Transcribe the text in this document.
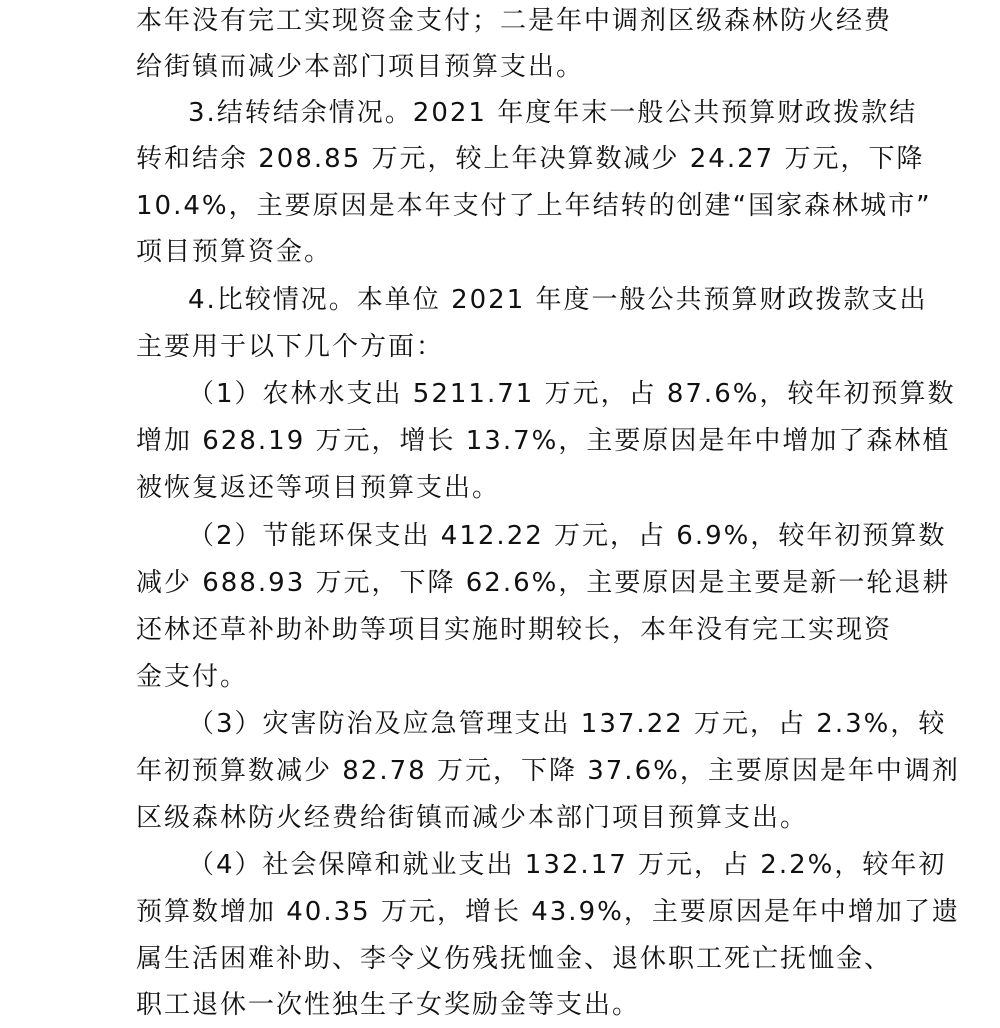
本年没有完工实现资金支付；二是年中调剂区级森林防火经费
给街镇而减少本部门项目预算支出。
3.结转结余情况。2021 年度年末一般公共预算财政拨款结
转和结余 208.85 万元，较上年决算数减少 24.27 万元，下降
10.4%，主要原因是本年支付了上年结转的创建“国家森林城市”
项目预算资金。
4.比较情况。本单位 2021 年度一般公共预算财政拨款支出
主要用于以下几个方面：
（1）农林水支出 5211.71 万元，占 87.6%，较年初预算数
增加 628.19 万元，增长 13.7%，主要原因是年中增加了森林植
被恢复返还等项目预算支出。
（2）节能环保支出 412.22 万元，占 6.9%，较年初预算数
减少 688.93 万元，下降 62.6%，主要原因是主要是新一轮退耕
还林还草补助补助等项目实施时期较长，本年没有完工实现资
金支付。
（3）灾害防治及应急管理支出 137.22 万元，占 2.3%，较
年初预算数减少 82.78 万元，下降 37.6%，主要原因是年中调剂
区级森林防火经费给街镇而减少本部门项目预算支出。
（4）社会保障和就业支出 132.17 万元，占 2.2%，较年初
预算数增加 40.35 万元，增长 43.9%，主要原因是年中增加了遗
属生活困难补助、李令义伤残抚恤金、退休职工死亡抚恤金、
职工退休一次性独生子女奖励金等支出。
